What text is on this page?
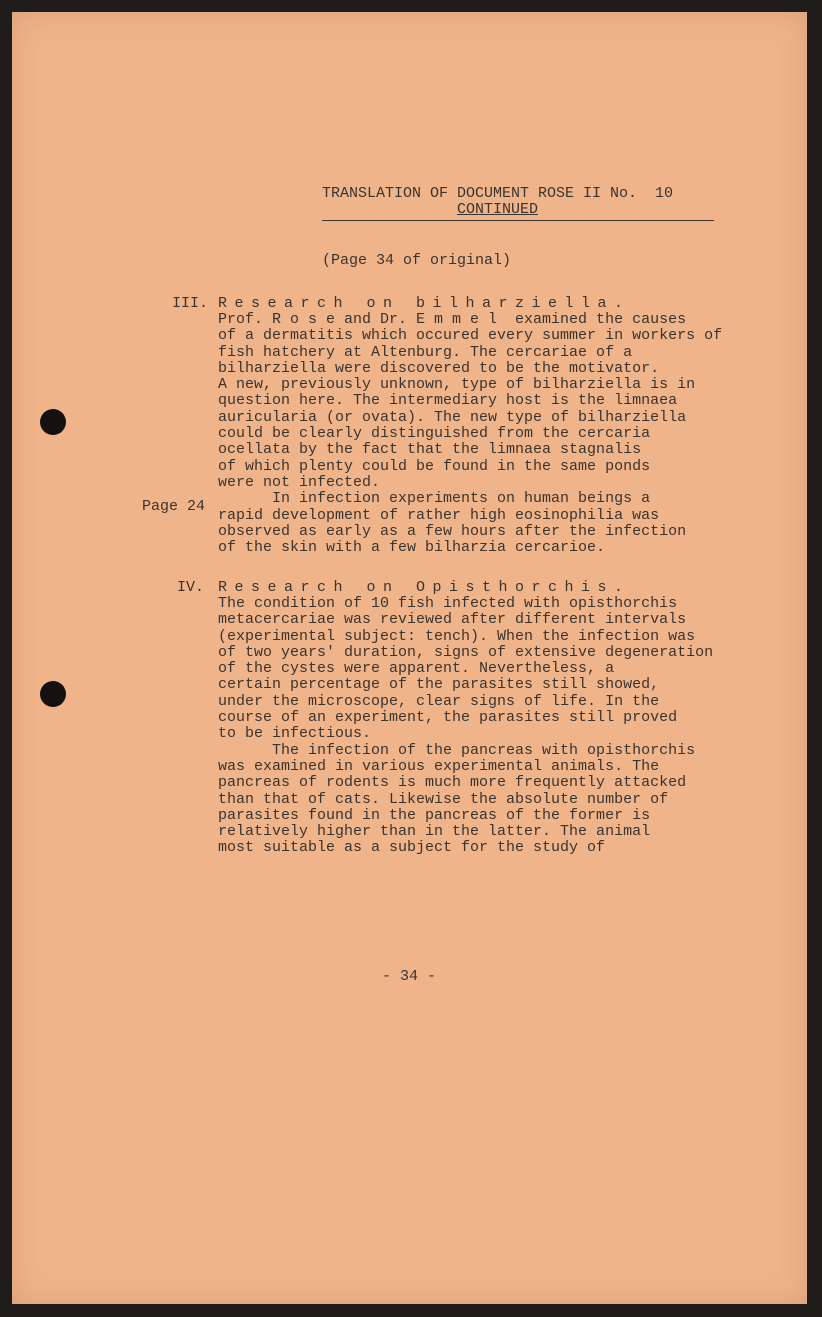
TRANSLATION OF DOCUMENT ROSE II No.  10
CONTINUED
(Page 34 of original)
III. Research on bilharziella.
Prof. R o s e and Dr. E m m e l  examined the causes
of a dermatitis which occured every summer in workers of
fish hatchery at Altenburg. The cercariae of a
bilharziella were discovered to be the motivator.
A new, previously unknown, type of bilharziella is in
question here. The intermediary host is the limnaea
auricularia (or ovata). The new type of bilharziella
could be clearly distinguished from the cercaria
ocellata by the fact that the limnaea stagnalis
of which plenty could be found in the same ponds
were not infected.
In infection experiments on human beings a
rapid development of rather high eosinophilia was
observed as early as a few hours after the infection
of the skin with a few bilharzia cercarioe.
Page 24
IV. Research on Opisthorchis.
The condition of 10 fish infected with opisthorchis
metacercariae was reviewed after different intervals
(experimental subject: tench). When the infection was
of two years' duration, signs of extensive degeneration
of the cystes were apparent. Nevertheless, a
certain percentage of the parasites still showed,
under the microscope, clear signs of life. In the
course of an experiment, the parasites still proved
to be infectious.
The infection of the pancreas with opisthorchis
was examined in various experimental animals. The
pancreas of rodents is much more frequently attacked
than that of cats. Likewise the absolute number of
parasites found in the pancreas of the former is
relatively higher than in the latter. The animal
most suitable as a subject for the study of
- 34 -
